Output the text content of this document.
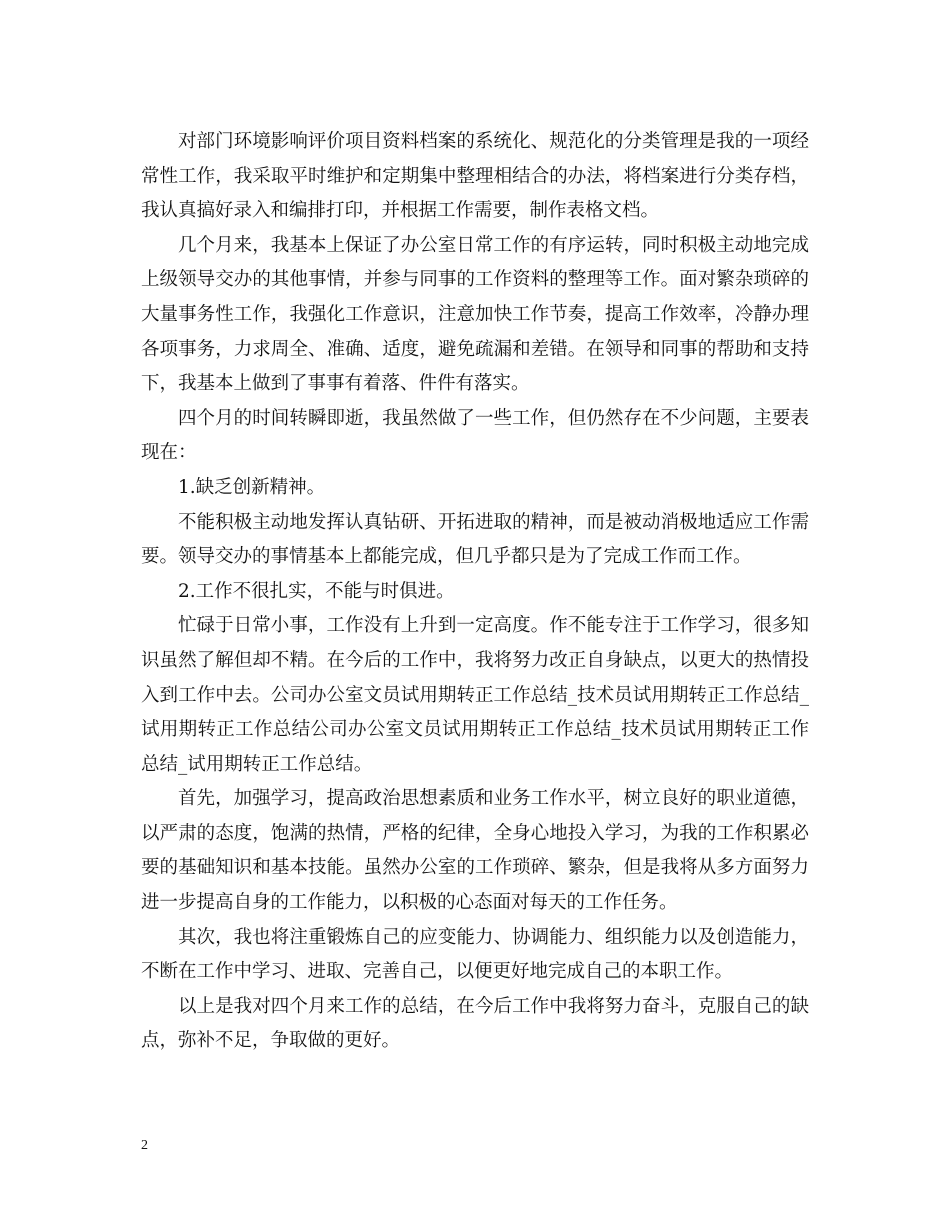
对部门环境影响评价项目资料档案的系统化、规范化的分类管理是我的一项经常性工作，我采取平时维护和定期集中整理相结合的办法，将档案进行分类存档，我认真搞好录入和编排打印，并根据工作需要，制作表格文档。

几个月来，我基本上保证了办公室日常工作的有序运转，同时积极主动地完成上级领导交办的其他事情，并参与同事的工作资料的整理等工作。面对繁杂琐碎的大量事务性工作，我强化工作意识，注意加快工作节奏，提高工作效率，冷静办理各项事务，力求周全、准确、适度，避免疏漏和差错。在领导和同事的帮助和支持下，我基本上做到了事事有着落、件件有落实。

四个月的时间转瞬即逝，我虽然做了一些工作，但仍然存在不少问题，主要表现在：

1.缺乏创新精神。

不能积极主动地发挥认真钻研、开拓进取的精神，而是被动消极地适应工作需要。领导交办的事情基本上都能完成，但几乎都只是为了完成工作而工作。

2.工作不很扎实，不能与时俱进。

忙碌于日常小事，工作没有上升到一定高度。作不能专注于工作学习，很多知识虽然了解但却不精。在今后的工作中，我将努力改正自身缺点，以更大的热情投入到工作中去。公司办公室文员试用期转正工作总结_技术员试用期转正工作总结_试用期转正工作总结公司办公室文员试用期转正工作总结_技术员试用期转正工作总结_试用期转正工作总结。

首先，加强学习，提高政治思想素质和业务工作水平，树立良好的职业道德，以严肃的态度，饱满的热情，严格的纪律，全身心地投入学习，为我的工作积累必要的基础知识和基本技能。虽然办公室的工作琐碎、繁杂，但是我将从多方面努力进一步提高自身的工作能力，以积极的心态面对每天的工作任务。

其次，我也将注重锻炼自己的应变能力、协调能力、组织能力以及创造能力，不断在工作中学习、进取、完善自己，以便更好地完成自己的本职工作。

以上是我对四个月来工作的总结，在今后工作中我将努力奋斗，克服自己的缺点，弥补不足，争取做的更好。

2
